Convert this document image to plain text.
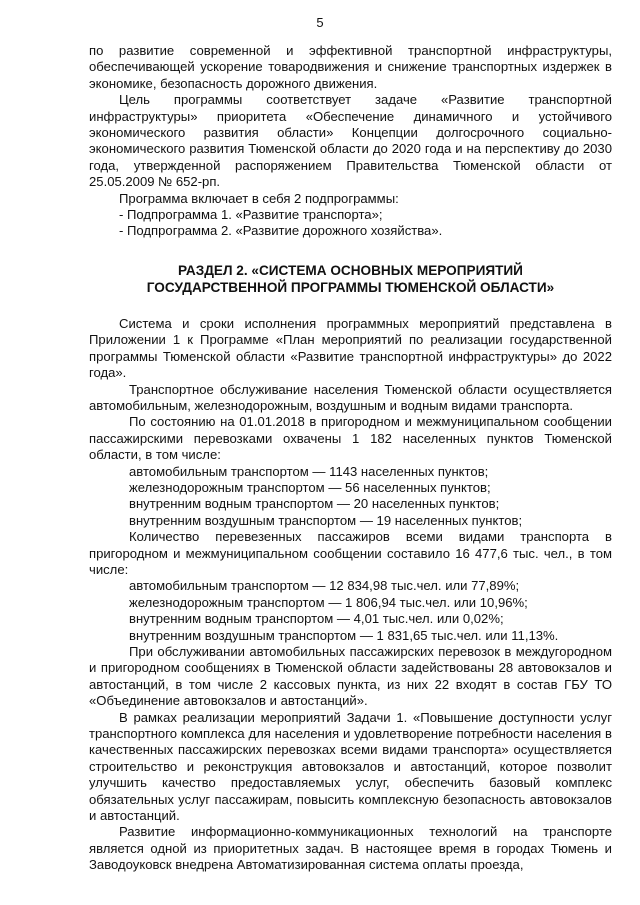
5

по развитие современной и эффективной транспортной инфраструктуры, обеспечивающей ускорение товародвижения и снижение транспортных издержек в экономике, безопасность дорожного движения.

Цель программы соответствует задаче «Развитие транспортной инфраструктуры» приоритета «Обеспечение динамичного и устойчивого экономического развития области» Концепции долгосрочного социально-экономического развития Тюменской области до 2020 года и на перспективу до 2030 года, утвержденной распоряжением Правительства Тюменской области от 25.05.2009 № 652-рп.

Программа включает в себя 2 подпрограммы:

- Подпрограмма 1. «Развитие транспорта»;

- Подпрограмма 2. «Развитие дорожного хозяйства».

РАЗДЕЛ 2. «СИСТЕМА ОСНОВНЫХ МЕРОПРИЯТИЙ
ГОСУДАРСТВЕННОЙ ПРОГРАММЫ ТЮМЕНСКОЙ ОБЛАСТИ»

Система и сроки исполнения программных мероприятий представлена в Приложении 1 к Программе «План мероприятий по реализации государственной программы Тюменской области «Развитие транспортной инфраструктуры» до 2022 года».

Транспортное обслуживание населения Тюменской области осуществляется автомобильным, железнодорожным, воздушным и водным видами транспорта.

По состоянию на 01.01.2018 в пригородном и межмуниципальном сообщении пассажирскими перевозками охвачены 1 182 населенных пунктов Тюменской области, в том числе:

автомобильным транспортом — 1143 населенных пунктов;

железнодорожным транспортом — 56 населенных пунктов;

внутренним водным транспортом — 20 населенных пунктов;

внутренним воздушным транспортом — 19 населенных пунктов;

Количество перевезенных пассажиров всеми видами транспорта в пригородном и межмуниципальном сообщении составило 16 477,6 тыс. чел., в том числе:

автомобильным транспортом — 12 834,98 тыс.чел. или 77,89%;

железнодорожным транспортом — 1 806,94 тыс.чел. или 10,96%;

внутренним водным транспортом — 4,01 тыс.чел. или 0,02%;

внутренним воздушным транспортом — 1 831,65 тыс.чел. или 11,13%.

При обслуживании автомобильных пассажирских перевозок в междугородном и пригородном сообщениях в Тюменской области задействованы 28 автовокзалов и автостанций, в том числе 2 кассовых пункта, из них 22 входят в состав ГБУ ТО «Объединение автовокзалов и автостанций».

В рамках реализации мероприятий Задачи 1. «Повышение доступности услуг транспортного комплекса для населения и удовлетворение потребности населения в качественных пассажирских перевозках всеми видами транспорта» осуществляется строительство и реконструкция автовокзалов и автостанций, которое позволит улучшить качество предоставляемых услуг, обеспечить базовый комплекс обязательных услуг пассажирам, повысить комплексную безопасность автовокзалов и автостанций.

Развитие информационно-коммуникационных технологий на транспорте является одной из приоритетных задач. В настоящее время в городах Тюмень и Заводоуковск внедрена Автоматизированная система оплаты проезда,
